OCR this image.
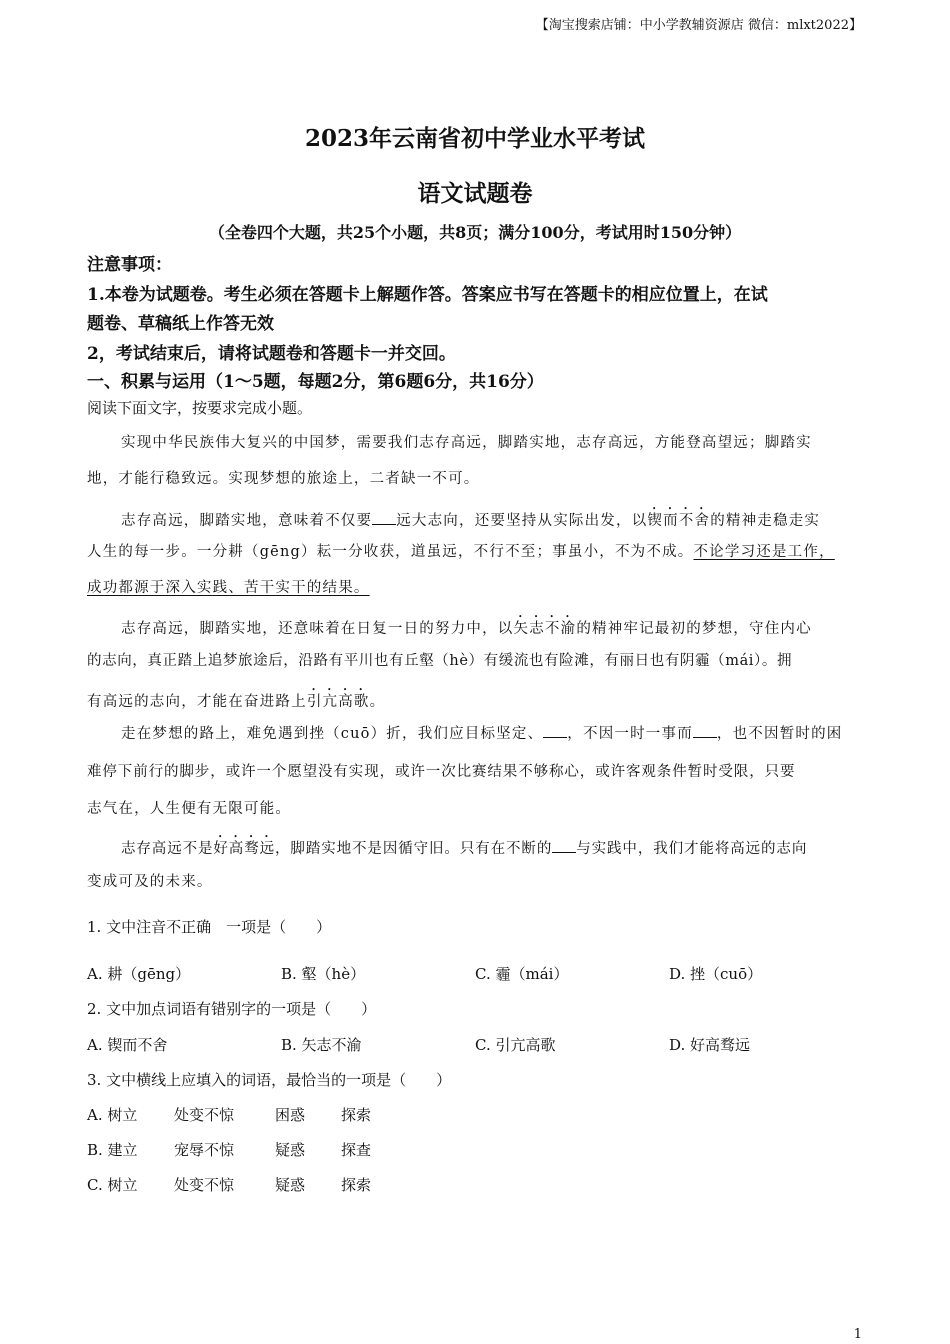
【淘宝搜索店铺：中小学教辅资源店 微信：mlxt2022】
2023年云南省初中学业水平考试
语文试题卷
（全卷四个大题，共25个小题，共8页；满分100分，考试用时150分钟）
注意事项：
1.本卷为试题卷。考生必须在答题卡上解题作答。答案应书写在答题卡的相应位置上，在试
题卷、草稿纸上作答无效
2，考试结束后，请将试题卷和答题卡一并交回。
一、积累与运用（1～5题，每题2分，第6题6分，共16分）
阅读下面文字，按要求完成小题。
实现中华民族伟大复兴的中国梦，需要我们志存高远，脚踏实地，志存高远，方能登高望远；脚踏实
地，才能行稳致远。实现梦想的旅途上，二者缺一不可。
志存高远，脚踏实地，意味着不仅要 远大志向，还要坚持从实际出发，以锲而不舍的精神走稳走实
人生的每一步。一分耕（gēng）耘一分收获，道虽远，不行不至；事虽小，不为不成。不论学习还是工作，
成功都源于深入实践、苦干实干的结果。
志存高远，脚踏实地，还意味着在日复一日的努力中，以矢志不渝的精神牢记最初的梦想，守住内心
的志向，真正踏上追梦旅途后，沿路有平川也有丘壑（hè）有缓流也有险滩，有丽日也有阴霾（mái）。拥
有高远的志向，才能在奋进路上引亢高歌。
走在梦想的路上，难免遇到挫（cuō）折，我们应目标坚定、 ，不因一时一事而 ，也不因暂时的困
难停下前行的脚步，或许一个愿望没有实现，或许一次比赛结果不够称心，或许客观条件暂时受限，只要
志气在，人生便有无限可能。
志存高远不是好高骛远，脚踏实地不是因循守旧。只有在不断的 与实践中，我们才能将高远的志向
变成可及的未来。
1. 文中注音不正确　一项是（　　）
A. 耕（gēng）	B. 壑（hè）	C. 霾（mái）	D. 挫（cuō）
2. 文中加点词语有错别字的一项是（　　）
A. 锲而不舍	B. 矢志不渝	C. 引亢高歌	D. 好高骛远
3. 文中横线上应填入的词语，最恰当的一项是（　　）
A. 树立 处变不惊	困惑 探索
B. 建立 宠辱不惊	疑惑 探查
C. 树立 处变不惊	疑惑 探索
1
